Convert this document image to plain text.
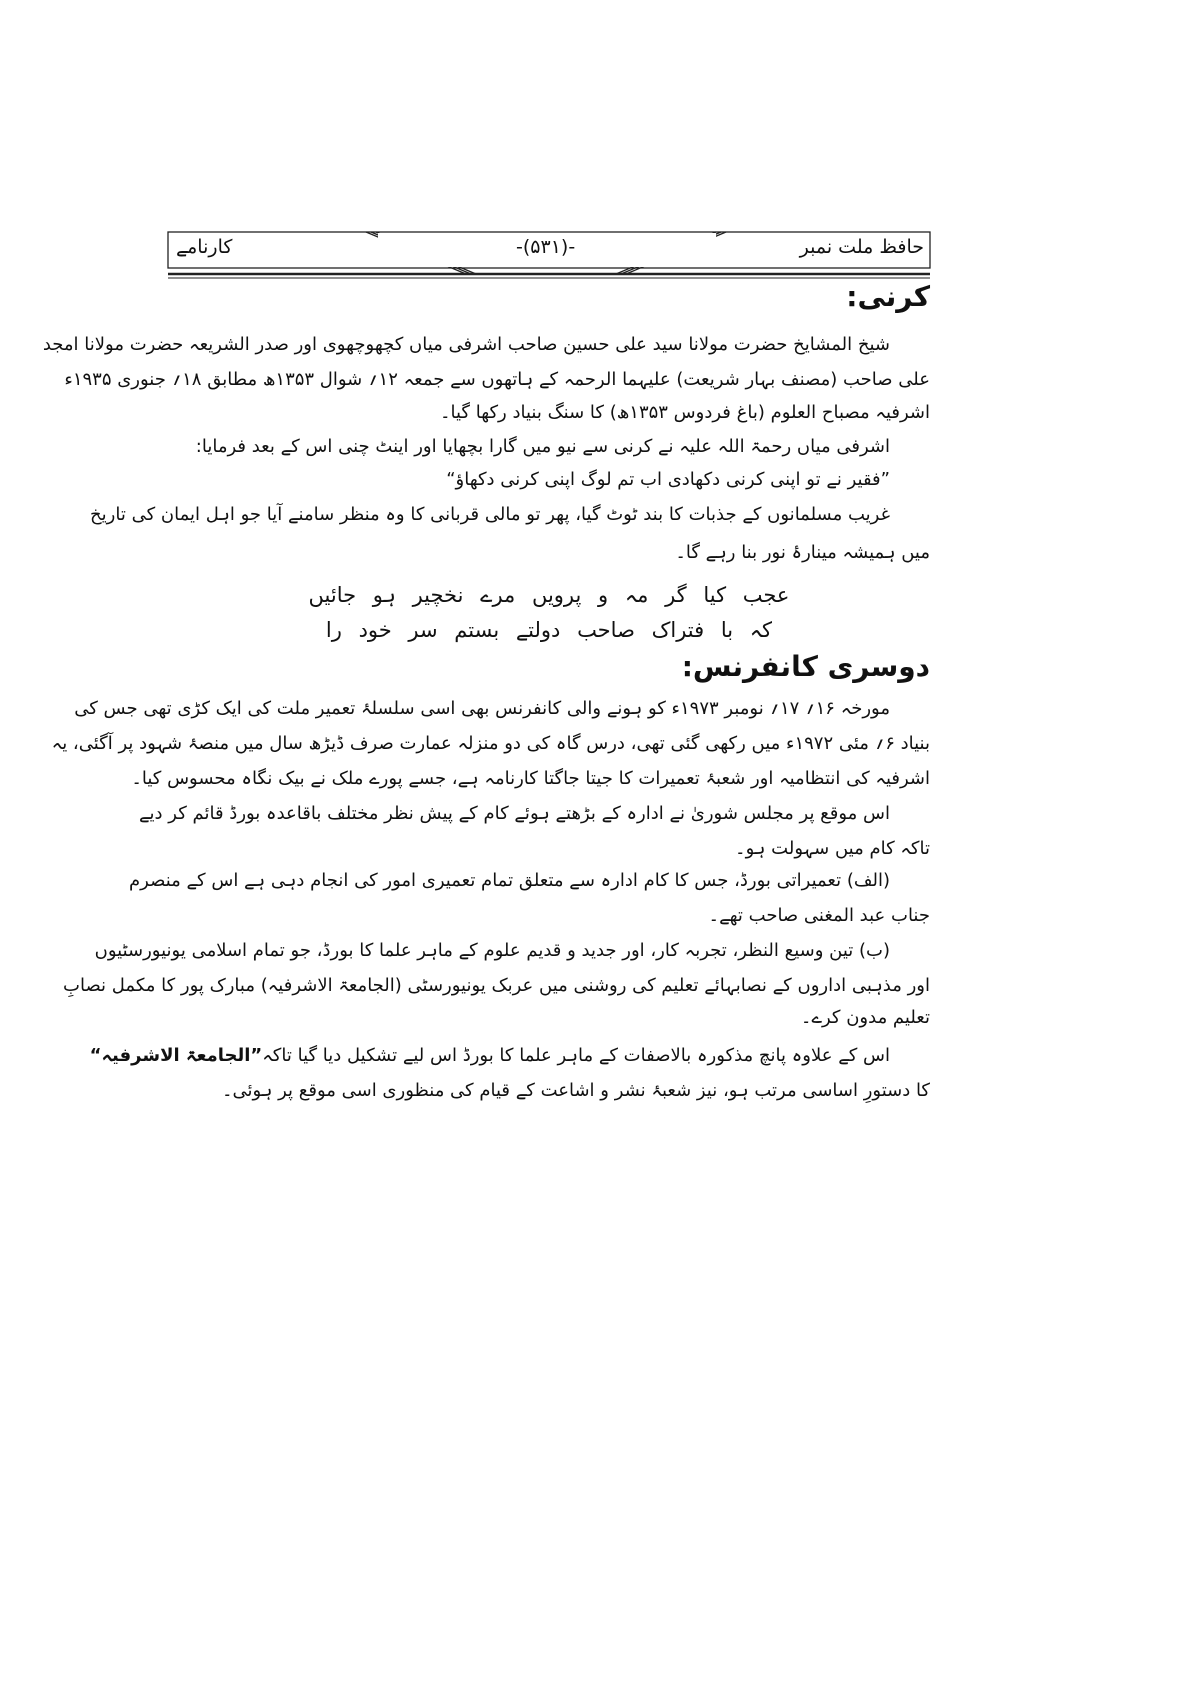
حافظ ملت نمبر
-(۵۳۱)-
کارنامے
کرنی:
شیخ المشایخ حضرت مولانا سید علی حسین صاحب اشرفی میاں کچھوچھوی اور صدر الشریعہ حضرت مولانا امجد
علی صاحب (مصنف بہار شریعت) علیہما الرحمہ کے ہاتھوں سے جمعہ ۱۲؍ شوال ۱۳۵۳ھ مطابق ۱۸؍ جنوری ۱۹۳۵ء
اشرفیہ مصباح العلوم (باغ فردوس ۱۳۵۳ھ) کا سنگ بنیاد رکھا گیا۔
اشرفی میاں رحمۃ اللہ علیہ نے کرنی سے نیو میں گارا بچھایا اور اینٹ چنی اس کے بعد فرمایا:
”فقیر نے تو اپنی کرنی دکھادی اب تم لوگ اپنی کرنی دکھاؤ“
غریب مسلمانوں کے جذبات کا بند ٹوٹ گیا، پھر تو مالی قربانی کا وہ منظر سامنے آیا جو اہل ایمان کی تاریخ
میں ہمیشہ مینارۂ نور بنا رہے گا۔
عجب کیا گر مہ و پرویں مرے نخچیر ہو جائیں
کہ با فتراک صاحب دولتے بستم سر خود را
دوسری کانفرنس:
مورخہ ۱۶؍ ۱۷؍ نومبر ۱۹۷۳ء کو ہونے والی کانفرنس بھی اسی سلسلۂ تعمیر ملت کی ایک کڑی تھی جس کی
بنیاد ۶؍ مئی ۱۹۷۲ء میں رکھی گئی تھی، درس گاہ کی دو منزلہ عمارت صرف ڈیڑھ سال میں منصۂ شہود پر آگئی، یہ
اشرفیہ کی انتظامیہ اور شعبۂ تعمیرات کا جیتا جاگتا کارنامہ ہے، جسے پورے ملک نے بیک نگاہ محسوس کیا۔
اس موقع پر مجلس شوریٰ نے ادارہ کے بڑھتے ہوئے کام کے پیش نظر مختلف باقاعدہ بورڈ قائم کر دیے
تاکہ کام میں سہولت ہو۔
(الف) تعمیراتی بورڈ، جس کا کام ادارہ سے متعلق تمام تعمیری امور کی انجام دہی ہے اس کے منصرم
جناب عبد المغنی صاحب تھے۔
(ب) تین وسیع النظر، تجربہ کار، اور جدید و قدیم علوم کے ماہر علما کا بورڈ، جو تمام اسلامی یونیورسٹیوں
اور مذہبی اداروں کے نصابہائے تعلیم کی روشنی میں عربک یونیورسٹی (الجامعۃ الاشرفیہ) مبارک پور کا مکمل نصابِ
تعلیم مدون کرے۔
اس کے علاوہ پانچ مذکورہ بالاصفات کے ماہر علما کا بورڈ اس لیے تشکیل دیا گیا تاکہ
”الجامعۃ الاشرفیہ“
کا دستورِ اساسی مرتب ہو، نیز شعبۂ نشر و اشاعت کے قیام کی منظوری اسی موقع پر ہوئی۔
